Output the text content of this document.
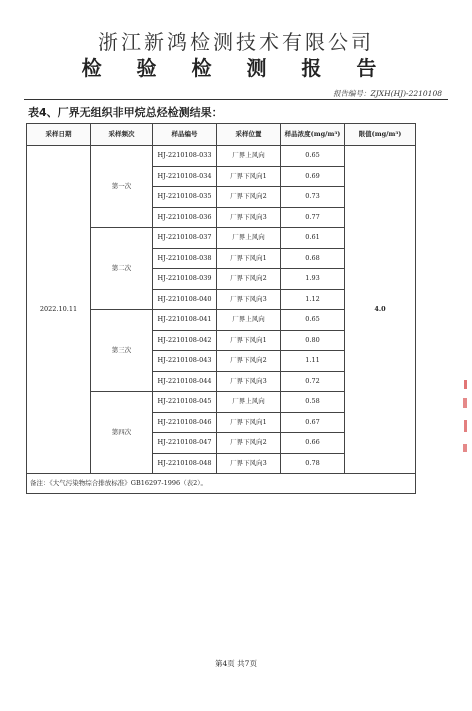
浙江新鸿检测技术有限公司
检 验 检 测 报 告
报告编号：ZJXH(HJ)-2210108
表4、厂界无组织非甲烷总烃检测结果：
采样日期	采样频次	样品编号	采样位置	样品浓度(mg/m³)	限值(mg/m³)
2022.10.11	第一次	HJ-2210108-033	厂界上风向	0.65	4.0
		HJ-2210108-034	厂界下风向1	0.69	
		HJ-2210108-035	厂界下风向2	0.73	
		HJ-2210108-036	厂界下风向3	0.77	
	第二次	HJ-2210108-037	厂界上风向	0.61	
		HJ-2210108-038	厂界下风向1	0.68	
		HJ-2210108-039	厂界下风向2	1.93	
		HJ-2210108-040	厂界下风向3	1.12	
	第三次	HJ-2210108-041	厂界上风向	0.65	
		HJ-2210108-042	厂界下风向1	0.80	
		HJ-2210108-043	厂界下风向2	1.11	
		HJ-2210108-044	厂界下风向3	0.72	
	第四次	HJ-2210108-045	厂界上风向	0.58	
		HJ-2210108-046	厂界下风向1	0.67	
		HJ-2210108-047	厂界下风向2	0.66	
		HJ-2210108-048	厂界下风向3	0.78	
备注：《大气污染物综合排放标准》GB16297-1996（表2）。					
第4页 共7页
